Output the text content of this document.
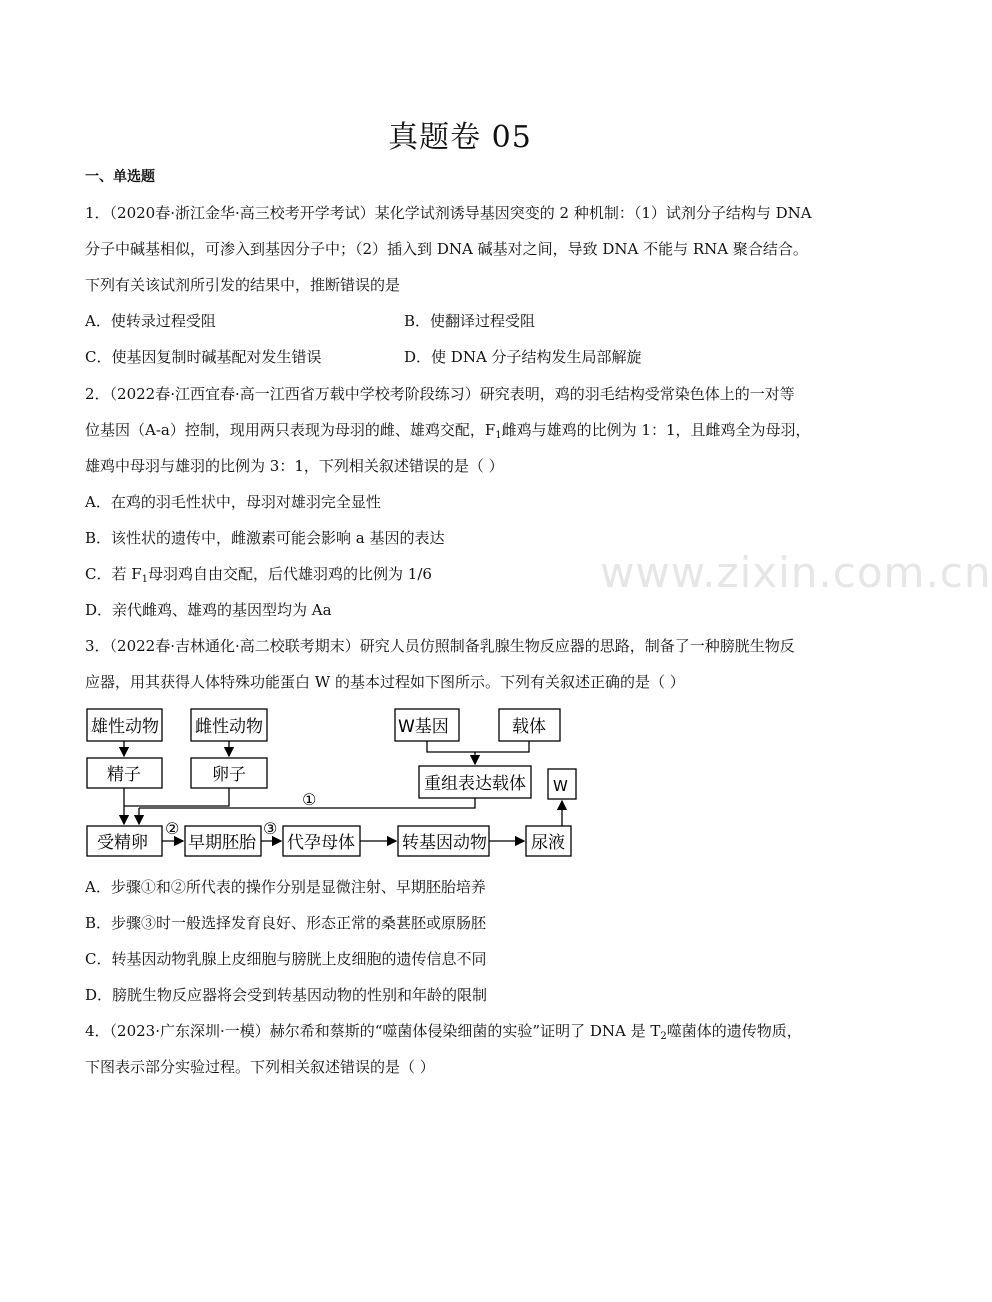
真题卷 05
一、单选题
www.zixin.com.cn
1．（2020春·浙江金华·高三校考开学考试）某化学试剂诱导基因突变的 2 种机制：（1）试剂分子结构与 DNA
分子中碱基相似，可渗入到基因分子中；（2）插入到 DNA 碱基对之间，导致 DNA 不能与 RNA 聚合结合。
下列有关该试剂所引发的结果中，推断错误的是
A．使转录过程受阻	B．使翻译过程受阻
C．使基因复制时碱基配对发生错误	D．使 DNA 分子结构发生局部解旋
2．（2022春·江西宜春·高一江西省万载中学校考阶段练习）研究表明，鸡的羽毛结构受常染色体上的一对等
位基因（A-a）控制，现用两只表现为母羽的雌、雄鸡交配，$F_1$雌鸡与雄鸡的比例为 1：1，且雌鸡全为母羽，
雄鸡中母羽与雄羽的比例为 3：1，下列相关叙述错误的是（ ）
A．在鸡的羽毛性状中，母羽对雄羽完全显性
B．该性状的遗传中，雌激素可能会影响 a 基因的表达
C．若 $F_1$母羽鸡自由交配，后代雄羽鸡的比例为 1/6
D．亲代雌鸡、雄鸡的基因型均为 Aa
3．（2022春·吉林通化·高二校联考期末）研究人员仿照制备乳腺生物反应器的思路，制备了一种膀胱生物反
应器，用其获得人体特殊功能蛋白 W 的基本过程如下图所示。下列有关叙述正确的是（ ）
雄性动物 雌性动物
精子	卵子
W基因	载体
重组表达载体 W
受精卵 早期胚胎 代孕母体	转基因动物	尿液
①
②	③
A．步骤①和②所代表的操作分别是显微注射、早期胚胎培养
B．步骤③时一般选择发育良好、形态正常的桑葚胚或原肠胚
C．转基因动物乳腺上皮细胞与膀胱上皮细胞的遗传信息不同
D．膀胱生物反应器将会受到转基因动物的性别和年龄的限制
4．（2023·广东深圳·一模）赫尔希和蔡斯的“噬菌体侵染细菌的实验”证明了 DNA 是 $T_2$噬菌体的遗传物质，
下图表示部分实验过程。下列相关叙述错误的是（ ）
